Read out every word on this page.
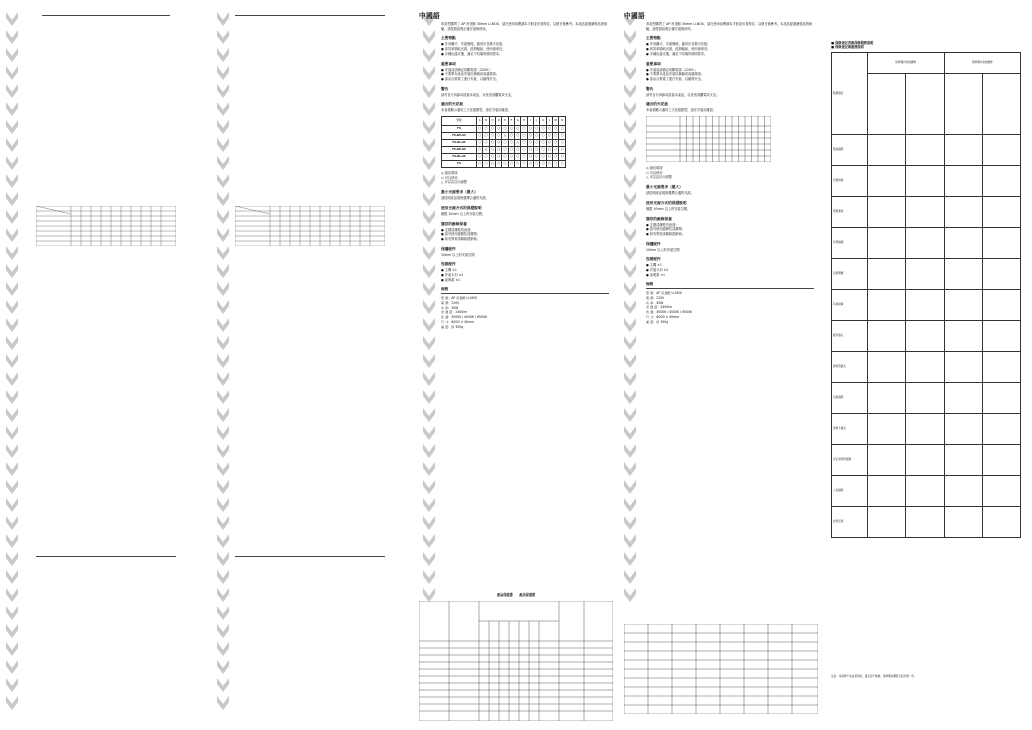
中國語

恭喜您購買了 AP 吊頂無 30mm Li-NOX，請在使用前閱讀本手冊並妥善保存，以便日後參考。本產品經過嚴格品質檢驗，請按照說明正確安裝與使用。

主要特點

● 外形纖巧、安裝簡便，適用於各類天花板；

● 高效率節能光源，低熱輻射，使用壽命長；

● 多種色溫可選，滿足不同場所照明需求。

重要事項

● 安裝前請務必切斷電源（220V）；

● 不要將本產品安裝於潮濕或高溫環境；

● 請由合格電工進行安裝，以確保安全。

警告

請勿自行拆卸或改裝本產品，以免造成觸電或火災。

適合的天花板

本表格顯示適用之天花板類型，請在安裝前確認。

型號	A	B	C	D	E	F	G	H	I	J	K	L	M	N
FS	○	○	○	○	○	○	○	○	○	○	○	○	○	○
FS-DP-03	○	○	○	○	△	○	○	○	○	○	○	○	○	○
FS-DL-03	○	○	○	○	○	○	△	○	○	○	○	○	○	○
FS-DP-05	○	△	○	○	○	○	○	○	○	○	○	○	○	○
FS-DL-05	○	○	○	○	○	○	○	○	○	○	○	○	○	○
FS	○	○	△	○	○	○	○	○	○	○	○	○	○	○

◎ 最佳環境

○ 可以使用

△ 可以由自行調整

最小光源要求（最大）

請按照產品規格選擇合適的光源。

使用光源方式的保證說明

僅限 10mm 以上的安裝空間。

儲存的維修保養

● 定期清潔燈具表面；

● 請勿使用腐蝕性清潔劑；

● 如有異常請聯絡經銷商。

保護配件

10mm 以上的安裝空間

包裝配件

● 主機 ×1

● 安裝卡扣 ×2

● 說明書 ×1

規格

型 號：AP 吊頂燈 Li-NOX

電 源：220V

功 率：30W

光 通 量：2400lm

色 溫：3000K / 4000K / 6500K

尺 寸：Φ200 × 40mm

重 量：約 350g

產品保證書　　產品保證書
中國語

恭喜您購買了 AP 吊頂無 30mm Li-NOX，請在使用前閱讀本手冊並妥善保存，以便日後參考。本產品經過嚴格品質檢驗，請按照說明正確安裝與使用。

主要特點

● 外形纖巧、安裝簡便，適用於各類天花板；

● 高效率節能光源，低熱輻射，使用壽命長；

● 多種色溫可選，滿足不同場所照明需求。

重要事項

● 安裝前請務必切斷電源（220V）；

● 不要將本產品安裝於潮濕或高溫環境；

● 請由合格電工進行安裝，以確保安全。

警告

請勿自行拆卸或改裝本產品，以免造成觸電或火災。

適合的天花板

本表格顯示適用之天花板類型，請在安裝前確認。

◎ 最佳環境

○ 可以使用

△ 可以由自行調整

最小光源要求（最大）

請按照產品規格選擇合適的光源。

使用光源方式的保證說明

僅限 10mm 以上的安裝空間。

儲存的維修保養

● 定期清潔燈具表面；

● 請勿使用腐蝕性清潔劑；

● 如有異常請聯絡經銷商。

保護配件

10mm 以上的安裝空間

包裝配件

● 主機 ×1

● 安裝卡扣 ×2

● 說明書 ×1

規格

型 號：AP 吊頂燈 Li-NOX

電 源：220V

功 率：30W

光 通 量：2400lm

色 溫：3000K / 4000K / 6500K

尺 寸：Φ200 × 40mm

重 量：約 350g

■ 保修登記表與保修服務說明
■ 保修登記與服務說明
服務項目	保修期內免費維修		保修期外收費維修	

燈具損壞				
光源故障				
電源異常				
外殼破損				
安裝問題				
其他故障				
配件遺失				
說明書遺失				
包裝損壞				
保修卡遺失				
非正常使用損壞				
人為損壞				
自然災害				
注意：本保修卡需妥善保存，遺失恕不補發。保修期自購買日起計算一年。
